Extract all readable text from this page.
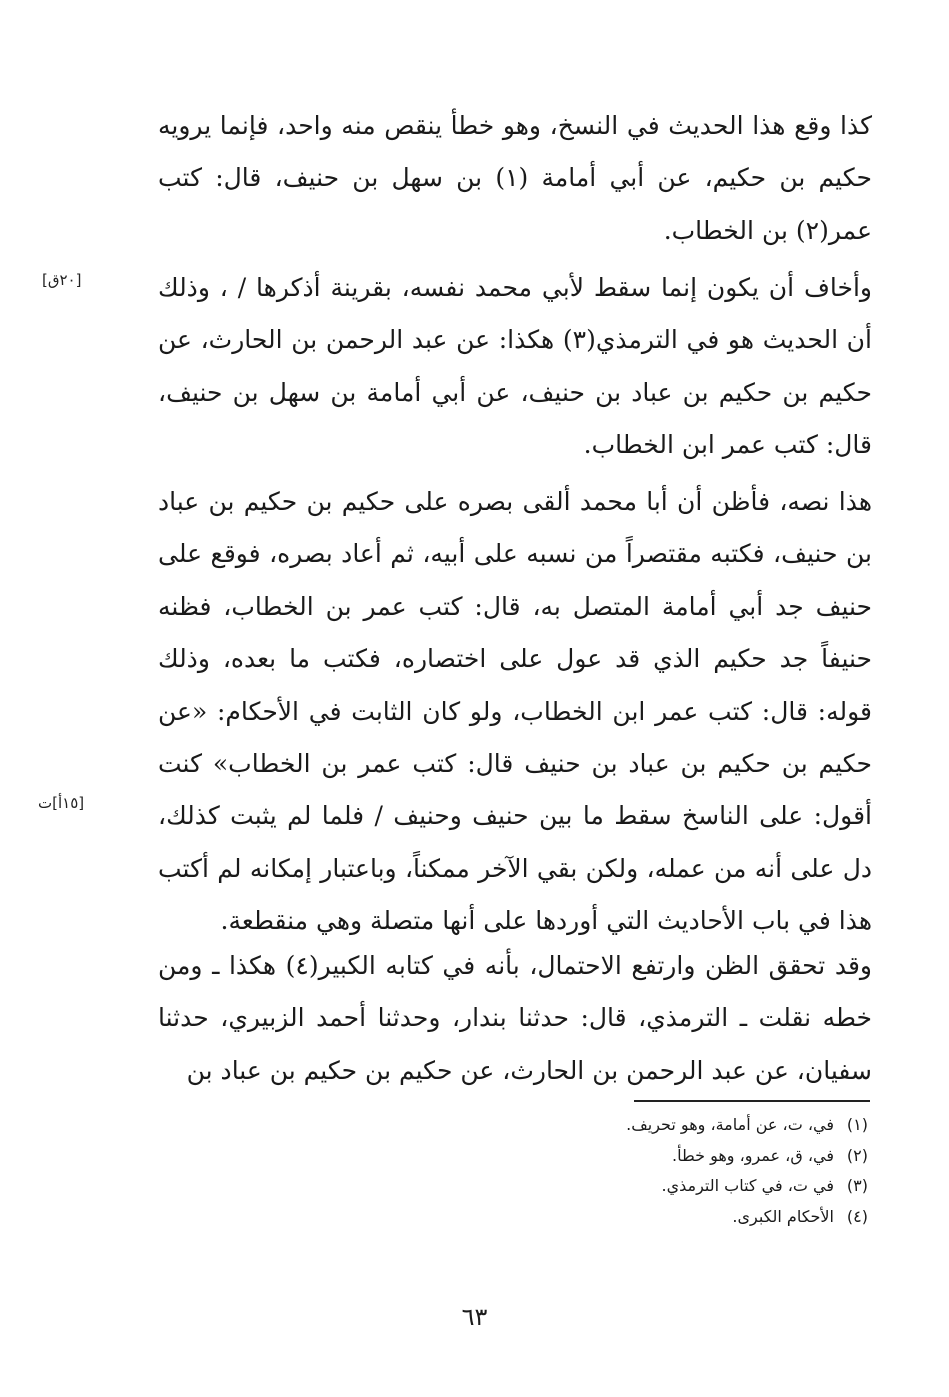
كذا وقع هذا الحديث في النسخ، وهو خطأ ينقص منه واحد، فإنما يرويه حكيم بن حكيم، عن أبي أمامة (١) بن سهل بن حنيف، قال: كتب عمر(٢) بن الخطاب.

وأخاف أن يكون إنما سقط لأبي محمد نفسه، بقرينة أذكرها / ، وذلك أن الحديث هو في الترمذي(٣) هكذا: عن عبد الرحمن بن الحارث، عن حكيم بن حكيم بن عباد بن حنيف، عن أبي أمامة بن سهل بن حنيف، قال: كتب عمر ابن الخطاب.

هذا نصه، فأظن أن أبا محمد ألقى بصره على حكيم بن حكيم بن عباد بن حنيف، فكتبه مقتصراً من نسبه على أبيه، ثم أعاد بصره، فوقع على حنيف جد أبي أمامة المتصل به، قال: كتب عمر بن الخطاب، فظنه حنيفاً جد حكيم الذي قد عول على اختصاره، فكتب ما بعده، وذلك قوله: قال: كتب عمر ابن الخطاب، ولو كان الثابت في الأحكام: «عن حكيم بن حكيم بن عباد بن حنيف قال: كتب عمر بن الخطاب» كنت أقول: على الناسخ سقط ما بين حنيف وحنيف / فلما لم يثبت كذلك، دل على أنه من عمله، ولكن بقي الآخر ممكناً، وباعتبار إمكانه لم أكتب هذا في باب الأحاديث التي أوردها على أنها متصلة وهي منقطعة.

وقد تحقق الظن وارتفع الاحتمال، بأنه في كتابه الكبير(٤) هكذا ـ ومن خطه نقلت ـ الترمذي، قال: حدثنا بندار، وحدثنا أحمد الزبيري، حدثنا سفيان، عن عبد الرحمن بن الحارث، عن حكيم بن حكيم بن عباد بن

[٢٠ق]
[١٥أ]ت
(١)في، ت، عن أمامة، وهو تحريف.
(٢)في، ق، عمرو، وهو خطأ.
(٣)في ت، في كتاب الترمذي.
(٤)الأحكام الكبرى.
٦٣
